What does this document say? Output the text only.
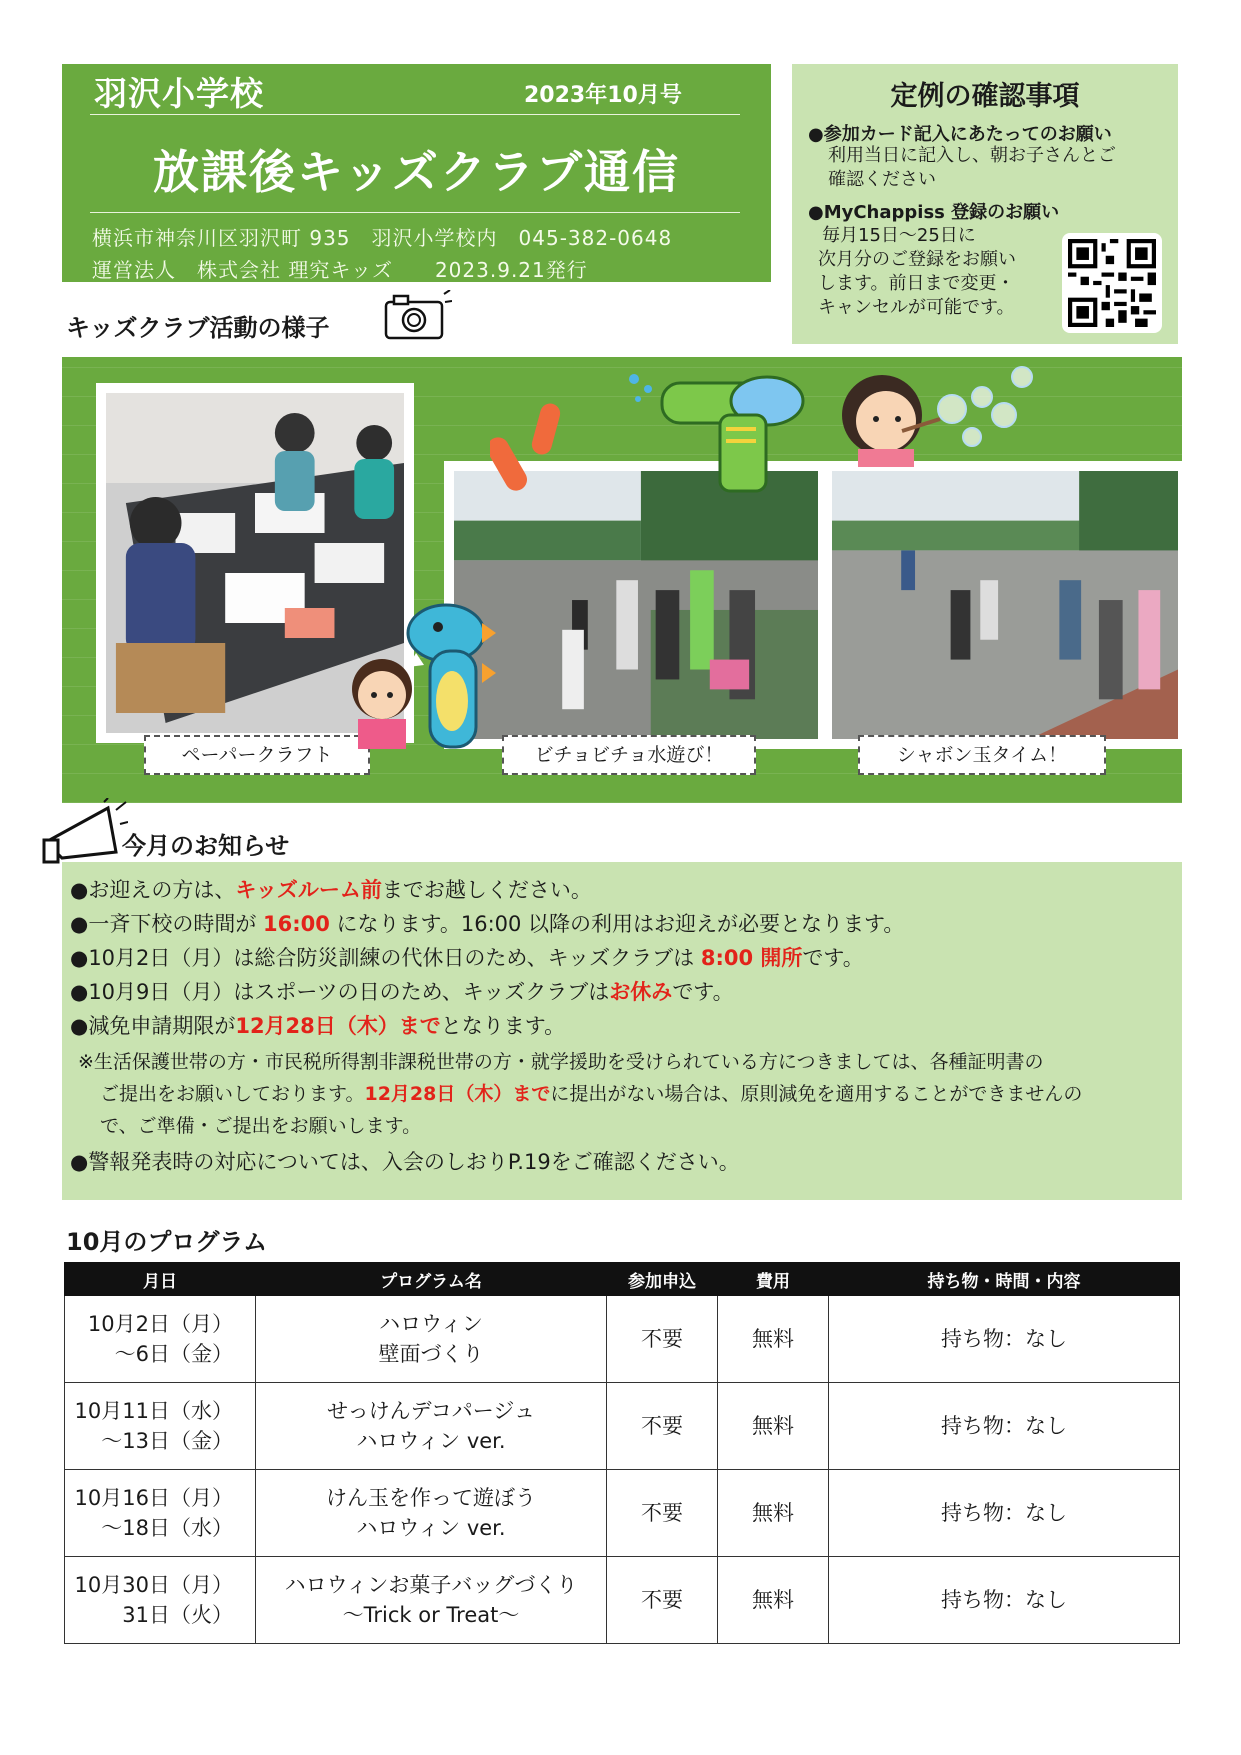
羽沢小学校	2023年10月号
放課後キッズクラブ通信
横浜市神奈川区羽沢町 935　羽沢小学校内　045-382-0648
運営法人　株式会社 理究キッズ　　2023.9.21発行
定例の確認事項
●参加カード記入にあたってのお願い
利用当日に記入し、朝お子さんとご
確認ください
●MyChappiss 登録のお願い
毎月15日～25日に
次月分のご登録をお願い
します。前日まで変更・
キャンセルが可能です。
キッズクラブ活動の様子
ペーパークラフト	ビチョビチョ水遊び！	シャボン玉タイム！
今月のお知らせ
●お迎えの方は、キッズルーム前までお越しください。
●一斉下校の時間が 16:00 になります。16:00 以降の利用はお迎えが必要となります。
●10月2日（月）は総合防災訓練の代休日のため、キッズクラブは 8:00 開所です。
●10月9日（月）はスポーツの日のため、キッズクラブはお休みです。
●減免申請期限が12月28日（木）までとなります。
※生活保護世帯の方・市民税所得割非課税世帯の方・就学援助を受けられている方につきましては、各種証明書の
ご提出をお願いしております。12月28日（木）までに提出がない場合は、原則減免を適用することができませんの
で、ご準備・ご提出をお願いします。
●警報発表時の対応については、入会のしおりP.19をご確認ください。
10月のプログラム
月日	プログラム名	参加申込	費用	持ち物・時間・内容

10月2日（月）
～6日（金）	ハロウィン
壁面づくり	不要	無料	持ち物：なし

10月11日（水）
～13日（金）	せっけんデコパージュ
ハロウィン ver.	不要	無料	持ち物：なし

10月16日（月）
～18日（水）	けん玉を作って遊ぼう
ハロウィン ver.	不要	無料	持ち物：なし

10月30日（月）
31日（火）	ハロウィンお菓子バッグづくり
～Trick or Treat～	不要	無料	持ち物：なし
